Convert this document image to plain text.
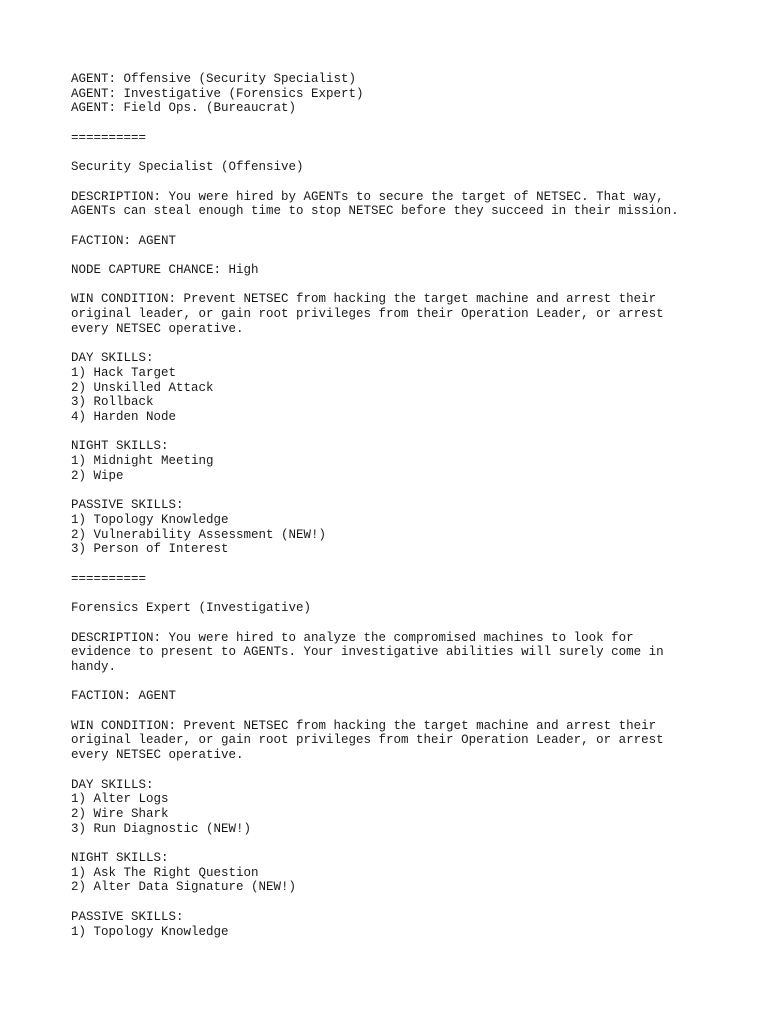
AGENT: Offensive (Security Specialist)
AGENT: Investigative (Forensics Expert)
AGENT: Field Ops. (Bureaucrat)
==========
Security Specialist (Offensive)
DESCRIPTION: You were hired by AGENTs to secure the target of NETSEC. That way,
AGENTs can steal enough time to stop NETSEC before they succeed in their mission.
FACTION: AGENT
NODE CAPTURE CHANCE: High
WIN CONDITION: Prevent NETSEC from hacking the target machine and arrest their
original leader, or gain root privileges from their Operation Leader, or arrest
every NETSEC operative.
DAY SKILLS:
1) Hack Target
2) Unskilled Attack
3) Rollback
4) Harden Node
NIGHT SKILLS:
1) Midnight Meeting
2) Wipe
PASSIVE SKILLS:
1) Topology Knowledge
2) Vulnerability Assessment (NEW!)
3) Person of Interest
==========
Forensics Expert (Investigative)
DESCRIPTION: You were hired to analyze the compromised machines to look for
evidence to present to AGENTs. Your investigative abilities will surely come in
handy.
FACTION: AGENT
WIN CONDITION: Prevent NETSEC from hacking the target machine and arrest their
original leader, or gain root privileges from their Operation Leader, or arrest
every NETSEC operative.
DAY SKILLS:
1) Alter Logs
2) Wire Shark
3) Run Diagnostic (NEW!)
NIGHT SKILLS:
1) Ask The Right Question
2) Alter Data Signature (NEW!)
PASSIVE SKILLS:
1) Topology Knowledge
